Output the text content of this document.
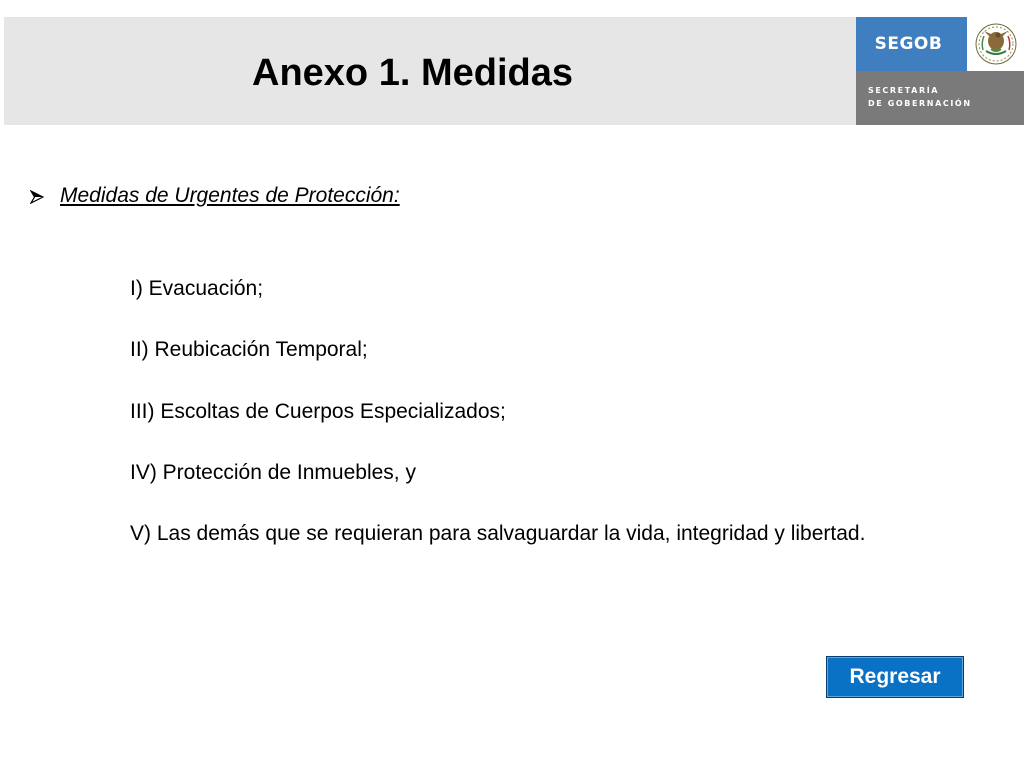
Anexo 1. Medidas
SEGOB
SECRETARÍA
DE GOBERNACIÓN
Medidas de Urgentes de Protección:

I) Evacuación;

II) Reubicación Temporal;

III) Escoltas de Cuerpos Especializados;

IV) Protección de Inmuebles, y

V) Las demás que se requieran para salvaguardar la vida, integridad y libertad.

Regresar
